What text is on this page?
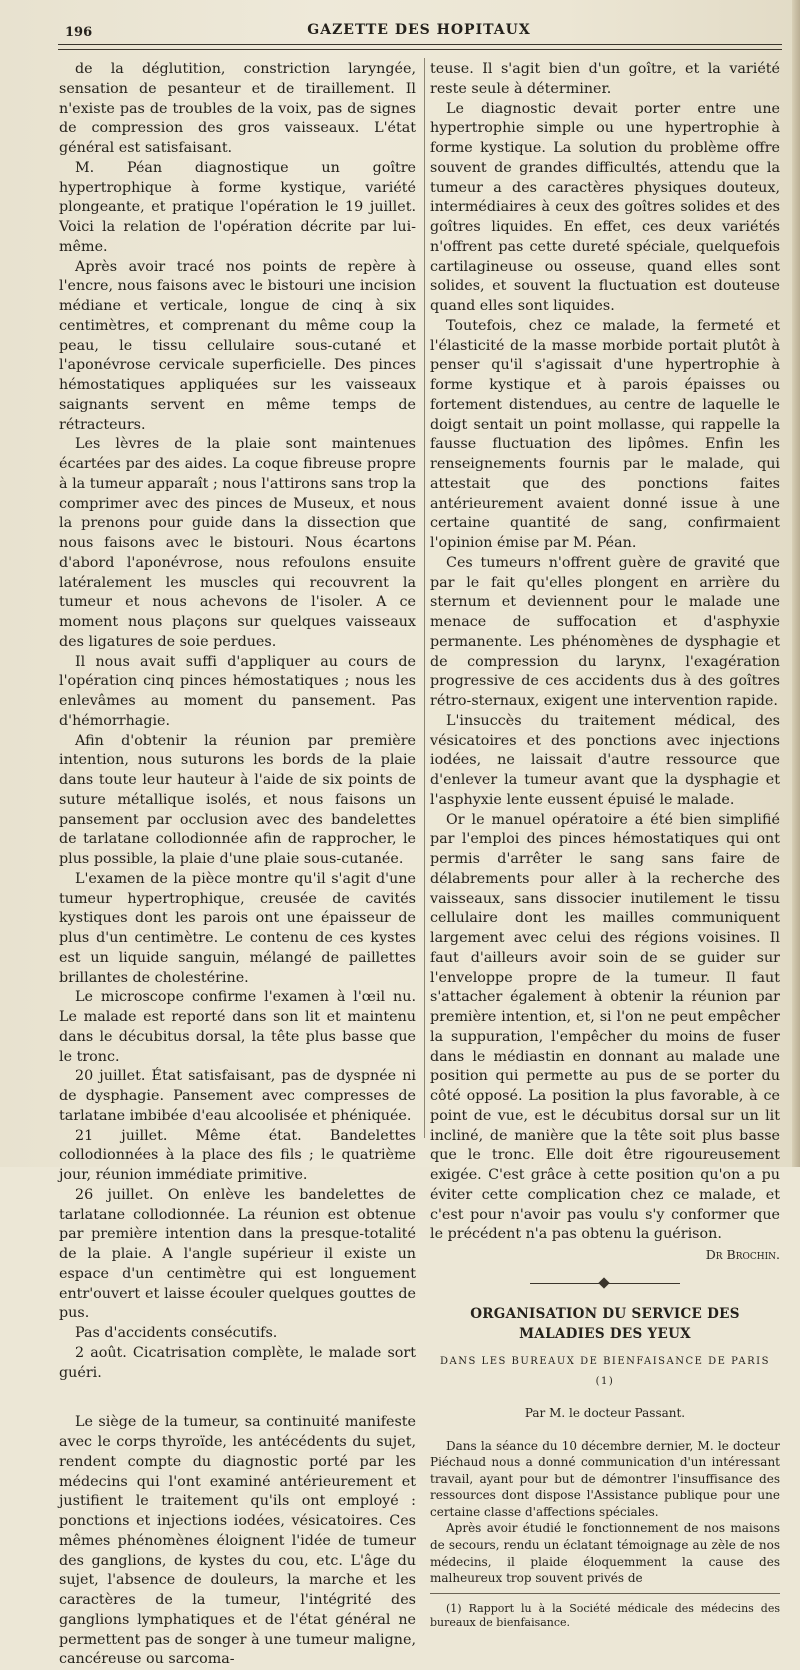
196	GAZETTE DES HOPITAUX

de la déglutition, constriction laryngée, sensation de pesanteur et de tiraillement. Il n'existe pas de troubles de la voix, pas de signes de compression des gros vaisseaux. L'état général est satisfaisant.

M. Péan diagnostique un goître hypertrophique à forme kystique, variété plongeante, et pratique l'opération le 19 juillet. Voici la relation de l'opération décrite par lui-même.

Après avoir tracé nos points de repère à l'encre, nous faisons avec le bistouri une incision médiane et verticale, longue de cinq à six centimètres, et comprenant du même coup la peau, le tissu cellulaire sous-cutané et l'aponévrose cervicale superficielle. Des pinces hémostatiques appliquées sur les vaisseaux saignants servent en même temps de rétracteurs.

Les lèvres de la plaie sont maintenues écartées par des aides. La coque fibreuse propre à la tumeur apparaît ; nous l'attirons sans trop la comprimer avec des pinces de Museux, et nous la prenons pour guide dans la dissection que nous faisons avec le bistouri. Nous écartons d'abord l'aponévrose, nous refoulons ensuite latéralement les muscles qui recouvrent la tumeur et nous achevons de l'isoler. A ce moment nous plaçons sur quelques vaisseaux des ligatures de soie perdues.

Il nous avait suffi d'appliquer au cours de l'opération cinq pinces hémostatiques ; nous les enlevâmes au moment du pansement. Pas d'hémorrhagie.

Afin d'obtenir la réunion par première intention, nous suturons les bords de la plaie dans toute leur hauteur à l'aide de six points de suture métallique isolés, et nous faisons un pansement par occlusion avec des bandelettes de tarlatane collodionnée afin de rapprocher, le plus possible, la plaie d'une plaie sous-cutanée.

L'examen de la pièce montre qu'il s'agit d'une tumeur hypertrophique, creusée de cavités kystiques dont les parois ont une épaisseur de plus d'un centimètre. Le contenu de ces kystes est un liquide sanguin, mélangé de paillettes brillantes de cholestérine.

Le microscope confirme l'examen à l'œil nu. Le malade est reporté dans son lit et maintenu dans le décubitus dorsal, la tête plus basse que le tronc.

20 juillet. État satisfaisant, pas de dyspnée ni de dysphagie. Pansement avec compresses de tarlatane imbibée d'eau alcoolisée et phéniquée.

21 juillet. Même état. Bandelettes collodionnées à la place des fils ; le quatrième jour, réunion immédiate primitive.

26 juillet. On enlève les bandelettes de tarlatane collodionnée. La réunion est obtenue par première intention dans la presque-totalité de la plaie. A l'angle supérieur il existe un espace d'un centimètre qui est longuement entr'ouvert et laisse écouler quelques gouttes de pus.

Pas d'accidents consécutifs.

2 août. Cicatrisation complète, le malade sort guéri.

Le siège de la tumeur, sa continuité manifeste avec le corps thyroïde, les antécédents du sujet, rendent compte du diagnostic porté par les médecins qui l'ont examiné antérieurement et justifient le traitement qu'ils ont employé : ponctions et injections iodées, vésicatoires. Ces mêmes phénomènes éloignent l'idée de tumeur des ganglions, de kystes du cou, etc. L'âge du sujet, l'absence de douleurs, la marche et les caractères de la tumeur, l'intégrité des ganglions lymphatiques et de l'état général ne permettent pas de songer à une tumeur maligne, cancéreuse ou sarcoma-

teuse. Il s'agit bien d'un goître, et la variété reste seule à déterminer.

Le diagnostic devait porter entre une hypertrophie simple ou une hypertrophie à forme kystique. La solution du problème offre souvent de grandes difficultés, attendu que la tumeur a des caractères physiques douteux, intermédiaires à ceux des goîtres solides et des goîtres liquides. En effet, ces deux variétés n'offrent pas cette dureté spéciale, quelquefois cartilagineuse ou osseuse, quand elles sont solides, et souvent la fluctuation est douteuse quand elles sont liquides.

Toutefois, chez ce malade, la fermeté et l'élasticité de la masse morbide portait plutôt à penser qu'il s'agissait d'une hypertrophie à forme kystique et à parois épaisses ou fortement distendues, au centre de laquelle le doigt sentait un point mollasse, qui rappelle la fausse fluctuation des lipômes. Enfin les renseignements fournis par le malade, qui attestait que des ponctions faites antérieurement avaient donné issue à une certaine quantité de sang, confirmaient l'opinion émise par M. Péan.

Ces tumeurs n'offrent guère de gravité que par le fait qu'elles plongent en arrière du sternum et deviennent pour le malade une menace de suffocation et d'asphyxie permanente. Les phénomènes de dysphagie et de compression du larynx, l'exagération progressive de ces accidents dus à des goîtres rétro-sternaux, exigent une intervention rapide.

L'insuccès du traitement médical, des vésicatoires et des ponctions avec injections iodées, ne laissait d'autre ressource que d'enlever la tumeur avant que la dysphagie et l'asphyxie lente eussent épuisé le malade.

Or le manuel opératoire a été bien simplifié par l'emploi des pinces hémostatiques qui ont permis d'arrêter le sang sans faire de délabrements pour aller à la recherche des vaisseaux, sans dissocier inutilement le tissu cellulaire dont les mailles communiquent largement avec celui des régions voisines. Il faut d'ailleurs avoir soin de se guider sur l'enveloppe propre de la tumeur. Il faut s'attacher également à obtenir la réunion par première intention, et, si l'on ne peut empêcher la suppuration, l'empêcher du moins de fuser dans le médiastin en donnant au malade une position qui permette au pus de se porter du côté opposé. La position la plus favorable, à ce point de vue, est le décubitus dorsal sur un lit incliné, de manière que la tête soit plus basse que le tronc. Elle doit être rigoureusement exigée. C'est grâce à cette position qu'on a pu éviter cette complication chez ce malade, et c'est pour n'avoir pas voulu s'y conformer que le précédent n'a pas obtenu la guérison.

Dr Brochin.
ORGANISATION DU SERVICE DES MALADIES DES YEUX
DANS LES BUREAUX DE BIENFAISANCE DE PARIS (1)
Par M. le docteur Passant.

Dans la séance du 10 décembre dernier, M. le docteur Piéchaud nous a donné communication d'un intéressant travail, ayant pour but de démontrer l'insuffisance des ressources dont dispose l'Assistance publique pour une certaine classe d'affections spéciales.

Après avoir étudié le fonctionnement de nos maisons de secours, rendu un éclatant témoignage au zèle de nos médecins, il plaide éloquemment la cause des malheureux trop souvent privés de

(1) Rapport lu à la Société médicale des médecins des bureaux de bienfaisance.
